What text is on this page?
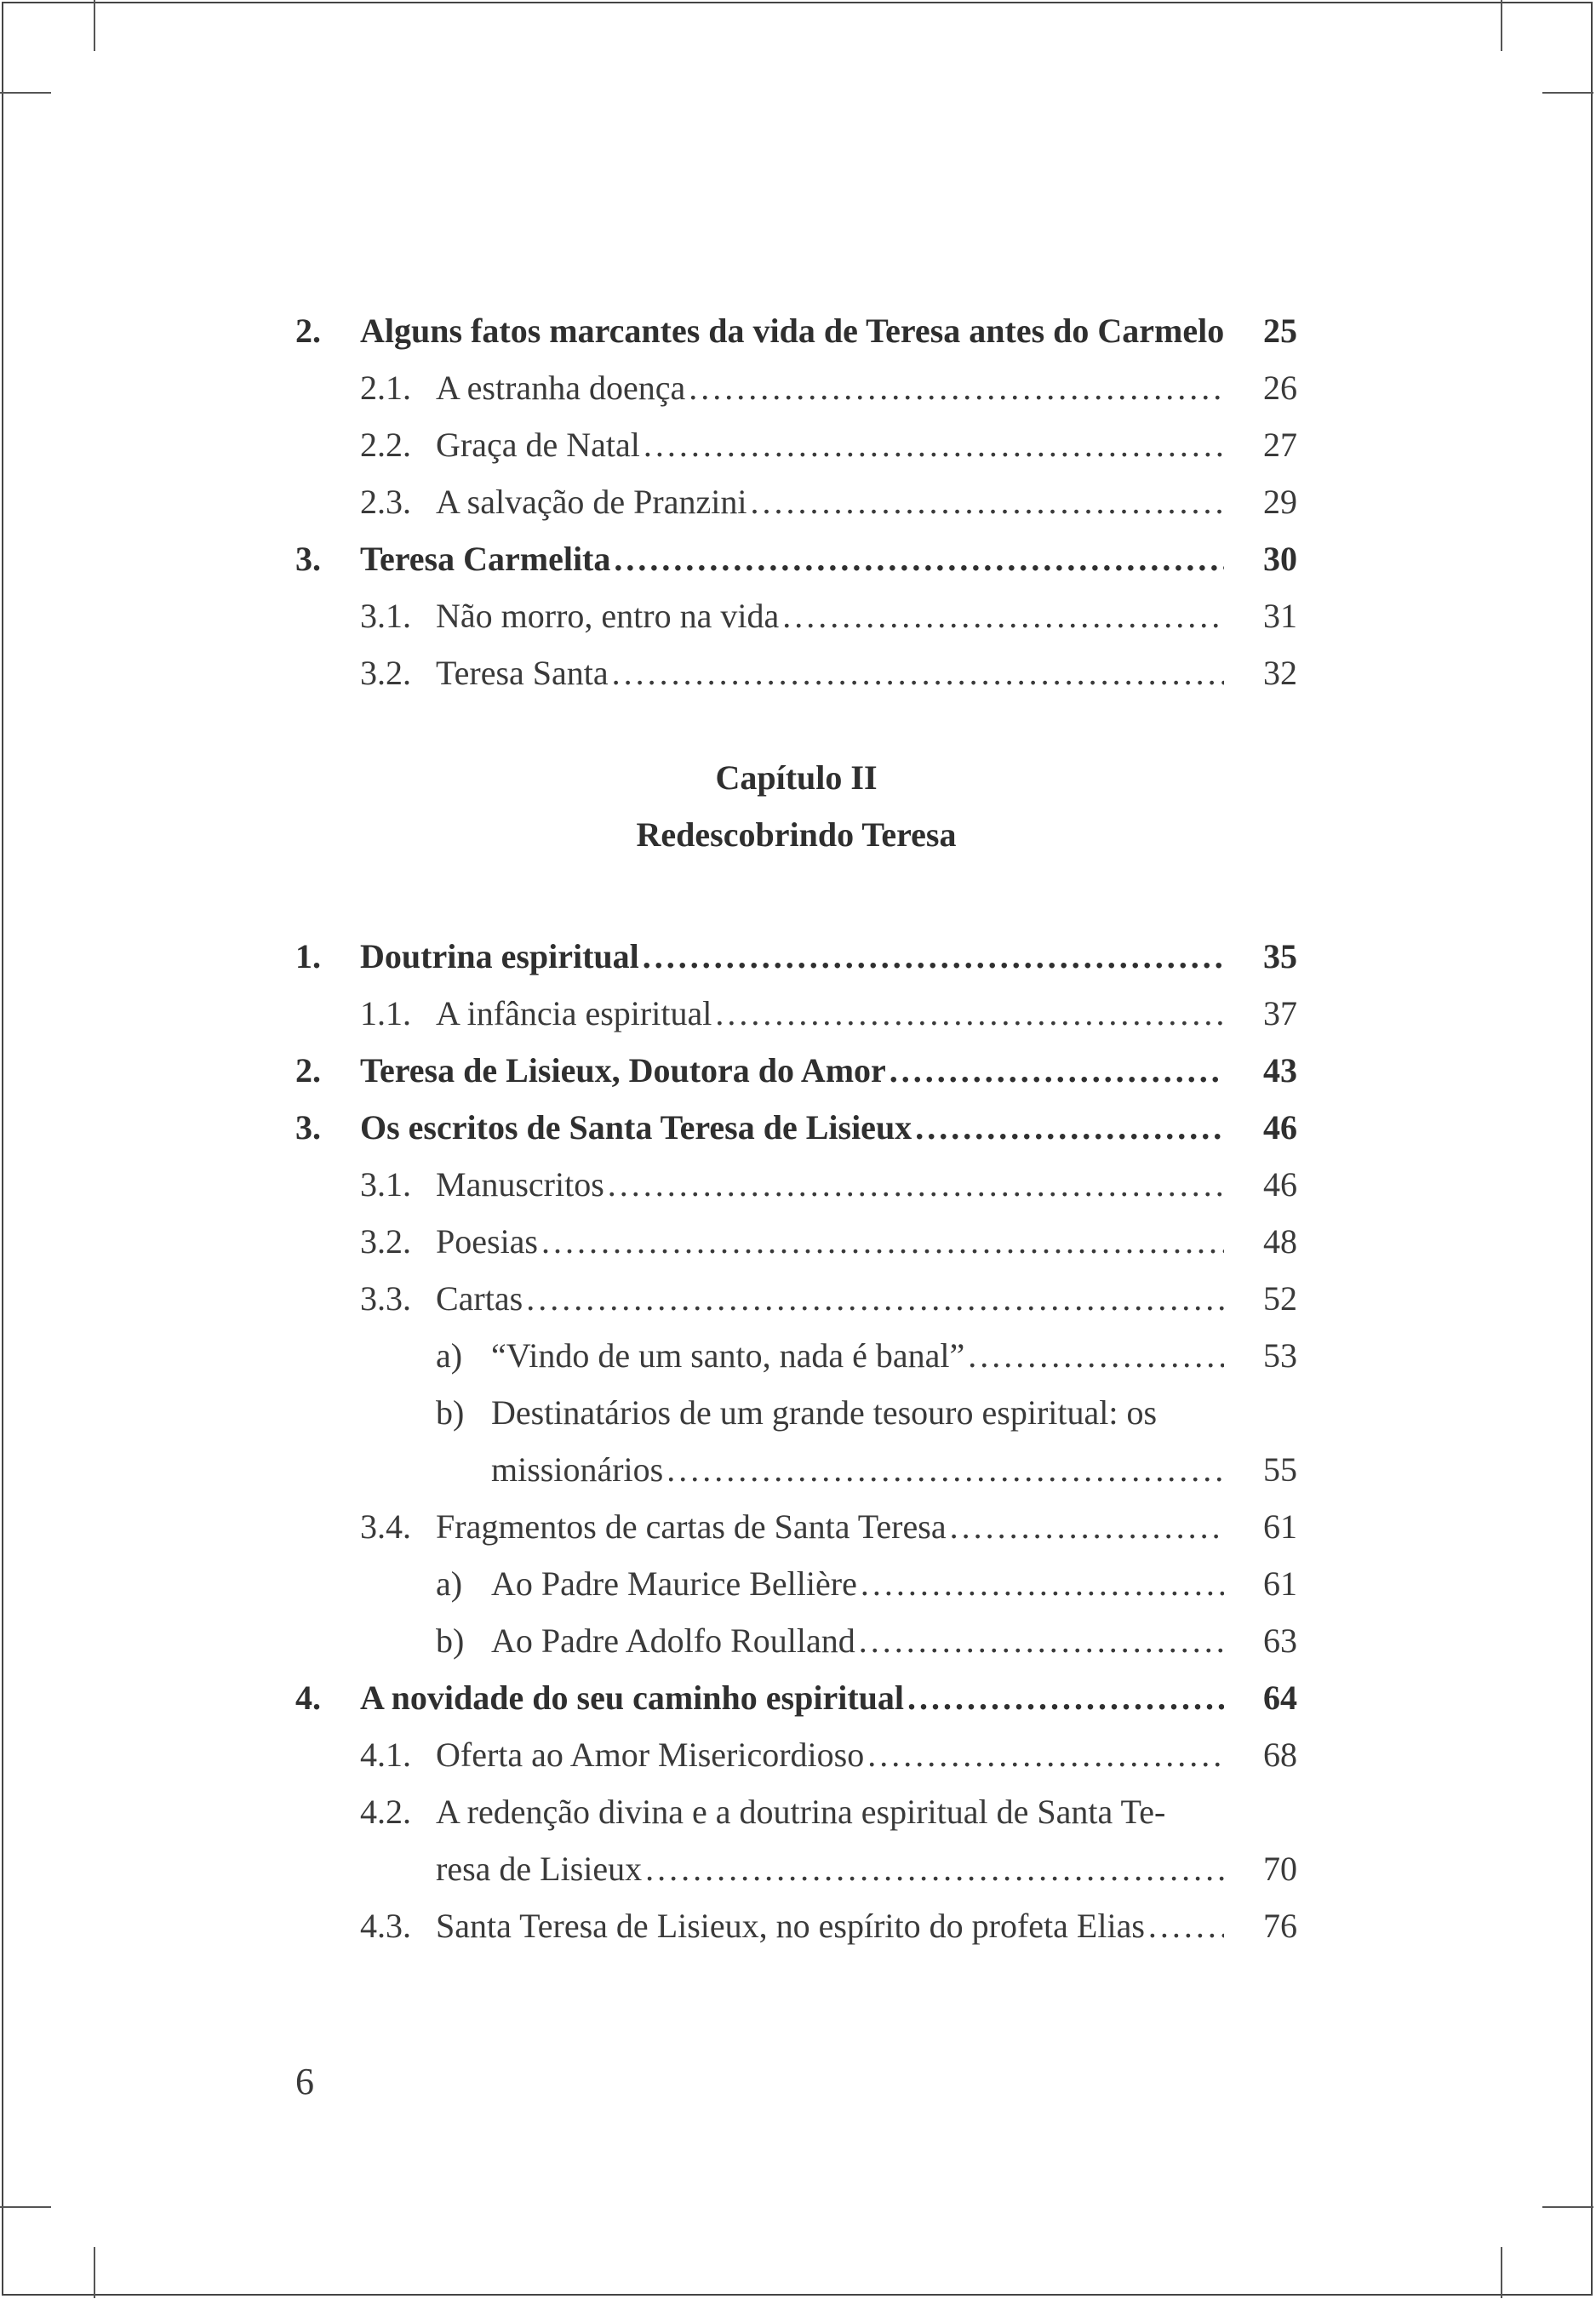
2. Alguns fatos marcantes da vida de Teresa antes do Carmelo	25
2.1. A estranha doença . . .	26
2.2. Graça de Natal . . .	27
2.3. A salvação de Pranzini . . .	29
3. Teresa Carmelita . . .	30
3.1. Não morro, entro na vida . . .	31
3.2. Teresa Santa . . .	32
Capítulo II
Redescobrindo Teresa
1. Doutrina espiritual . . .	35
1.1. A infância espiritual . . .	37
2. Teresa de Lisieux, Doutora do Amor . . .	43
3. Os escritos de Santa Teresa de Lisieux . . .	46
3.1. Manuscritos . . .	46
3.2. Poesias . . .	48
3.3. Cartas . . .	52
a) “Vindo de um santo, nada é banal” . . .	53
b) Destinatários de um grande tesouro espiritual: os
missionários . . .	55
3.4. Fragmentos de cartas de Santa Teresa . . .	61
a) Ao Padre Maurice Bellière . . .	61
b) Ao Padre Adolfo Roulland . . .	63
4. A novidade do seu caminho espiritual . . .	64
4.1. Oferta ao Amor Misericordioso . . .	68
4.2. A redenção divina e a doutrina espiritual de Santa Te-
resa de Lisieux . . .	70
4.3. Santa Teresa de Lisieux, no espírito do profeta Elias . . .	76
6
